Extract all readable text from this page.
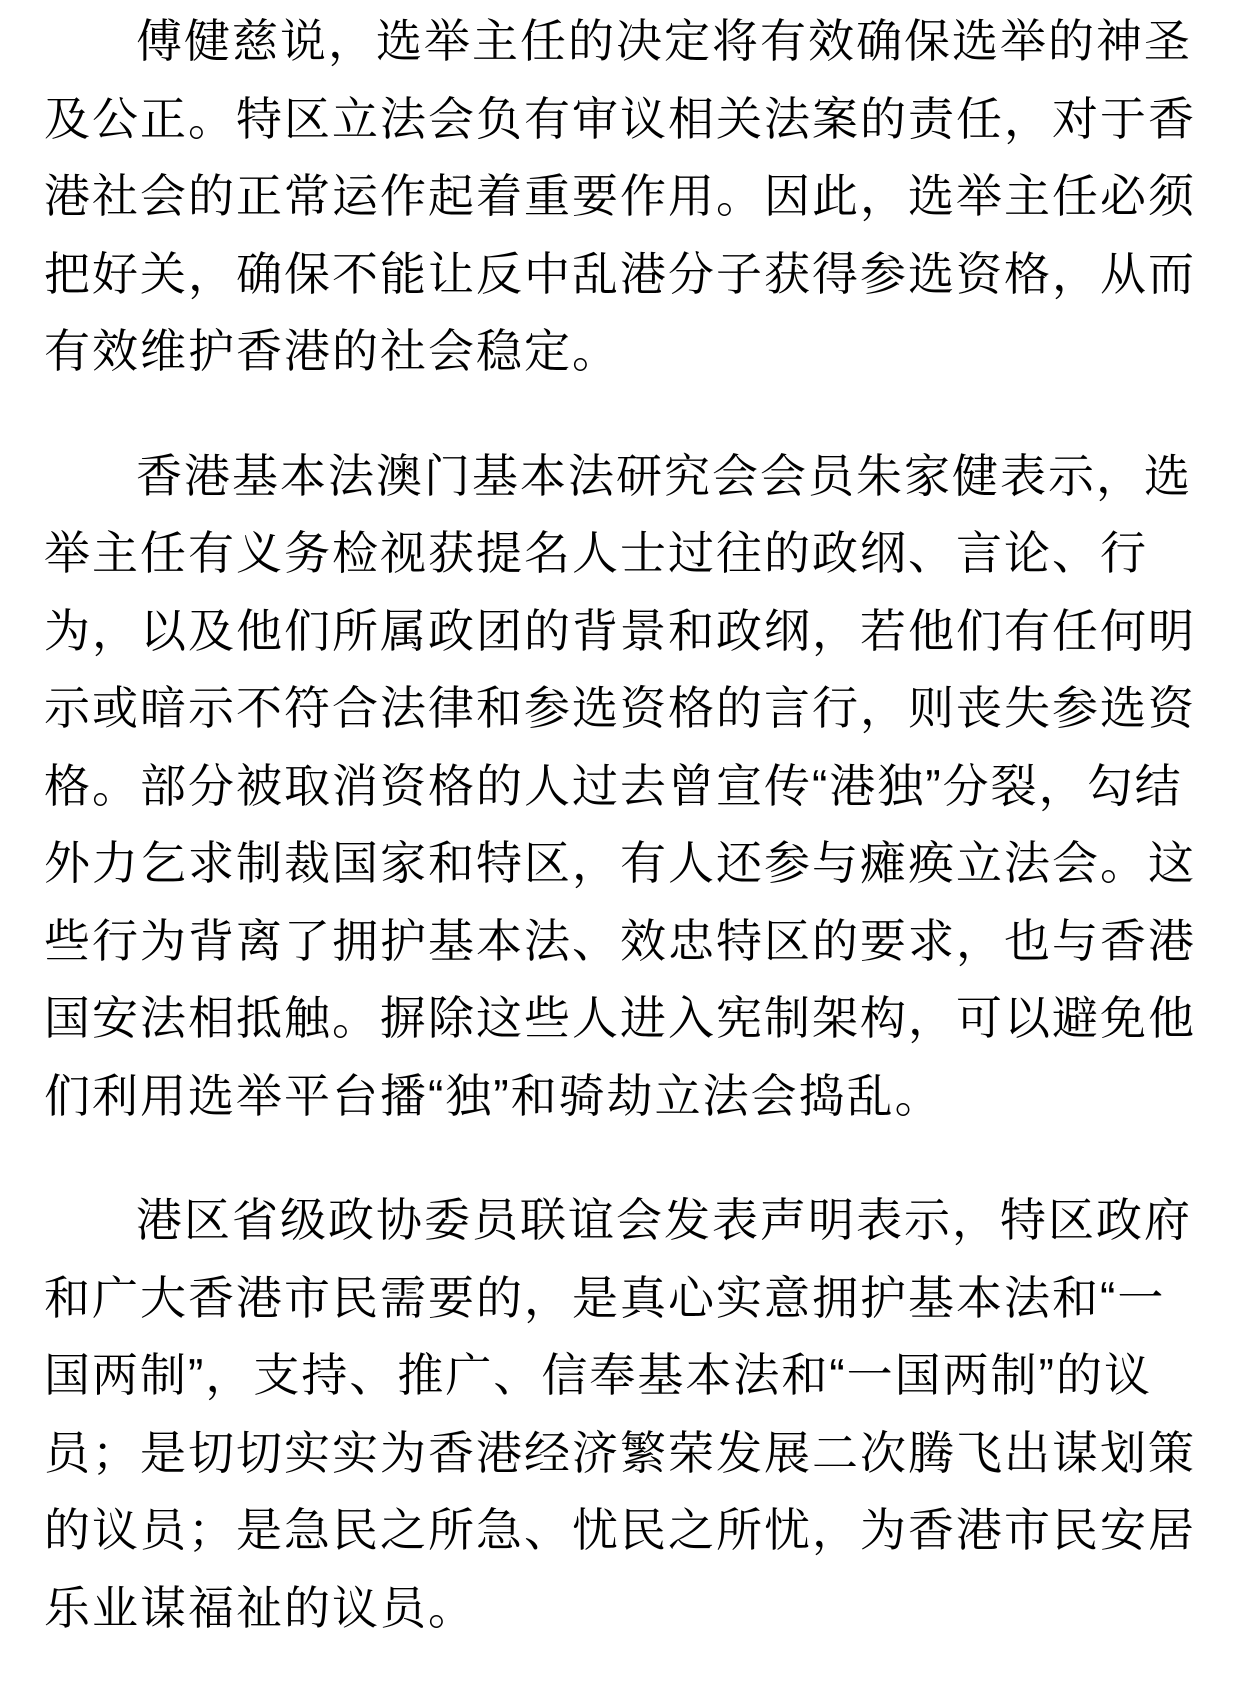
傅健慈说，选举主任的决定将有效确保选举的神圣
及公正。特区立法会负有审议相关法案的责任，对于香
港社会的正常运作起着重要作用。因此，选举主任必须
把好关，确保不能让反中乱港分子获得参选资格，从而
有效维护香港的社会稳定。
香港基本法澳门基本法研究会会员朱家健表示，选
举主任有义务检视获提名人士过往的政纲、言论、行
为，以及他们所属政团的背景和政纲，若他们有任何明
示或暗示不符合法律和参选资格的言行，则丧失参选资
格。部分被取消资格的人过去曾宣传“港独”分裂，勾结
外力乞求制裁国家和特区，有人还参与瘫痪立法会。这
些行为背离了拥护基本法、效忠特区的要求，也与香港
国安法相抵触。摒除这些人进入宪制架构，可以避免他
们利用选举平台播“独”和骑劫立法会捣乱。
港区省级政协委员联谊会发表声明表示，特区政府
和广大香港市民需要的，是真心实意拥护基本法和“一
国两制”，支持、推广、信奉基本法和“一国两制”的议
员；是切切实实为香港经济繁荣发展二次腾飞出谋划策
的议员；是急民之所急、忧民之所忧，为香港市民安居
乐业谋福祉的议员。
